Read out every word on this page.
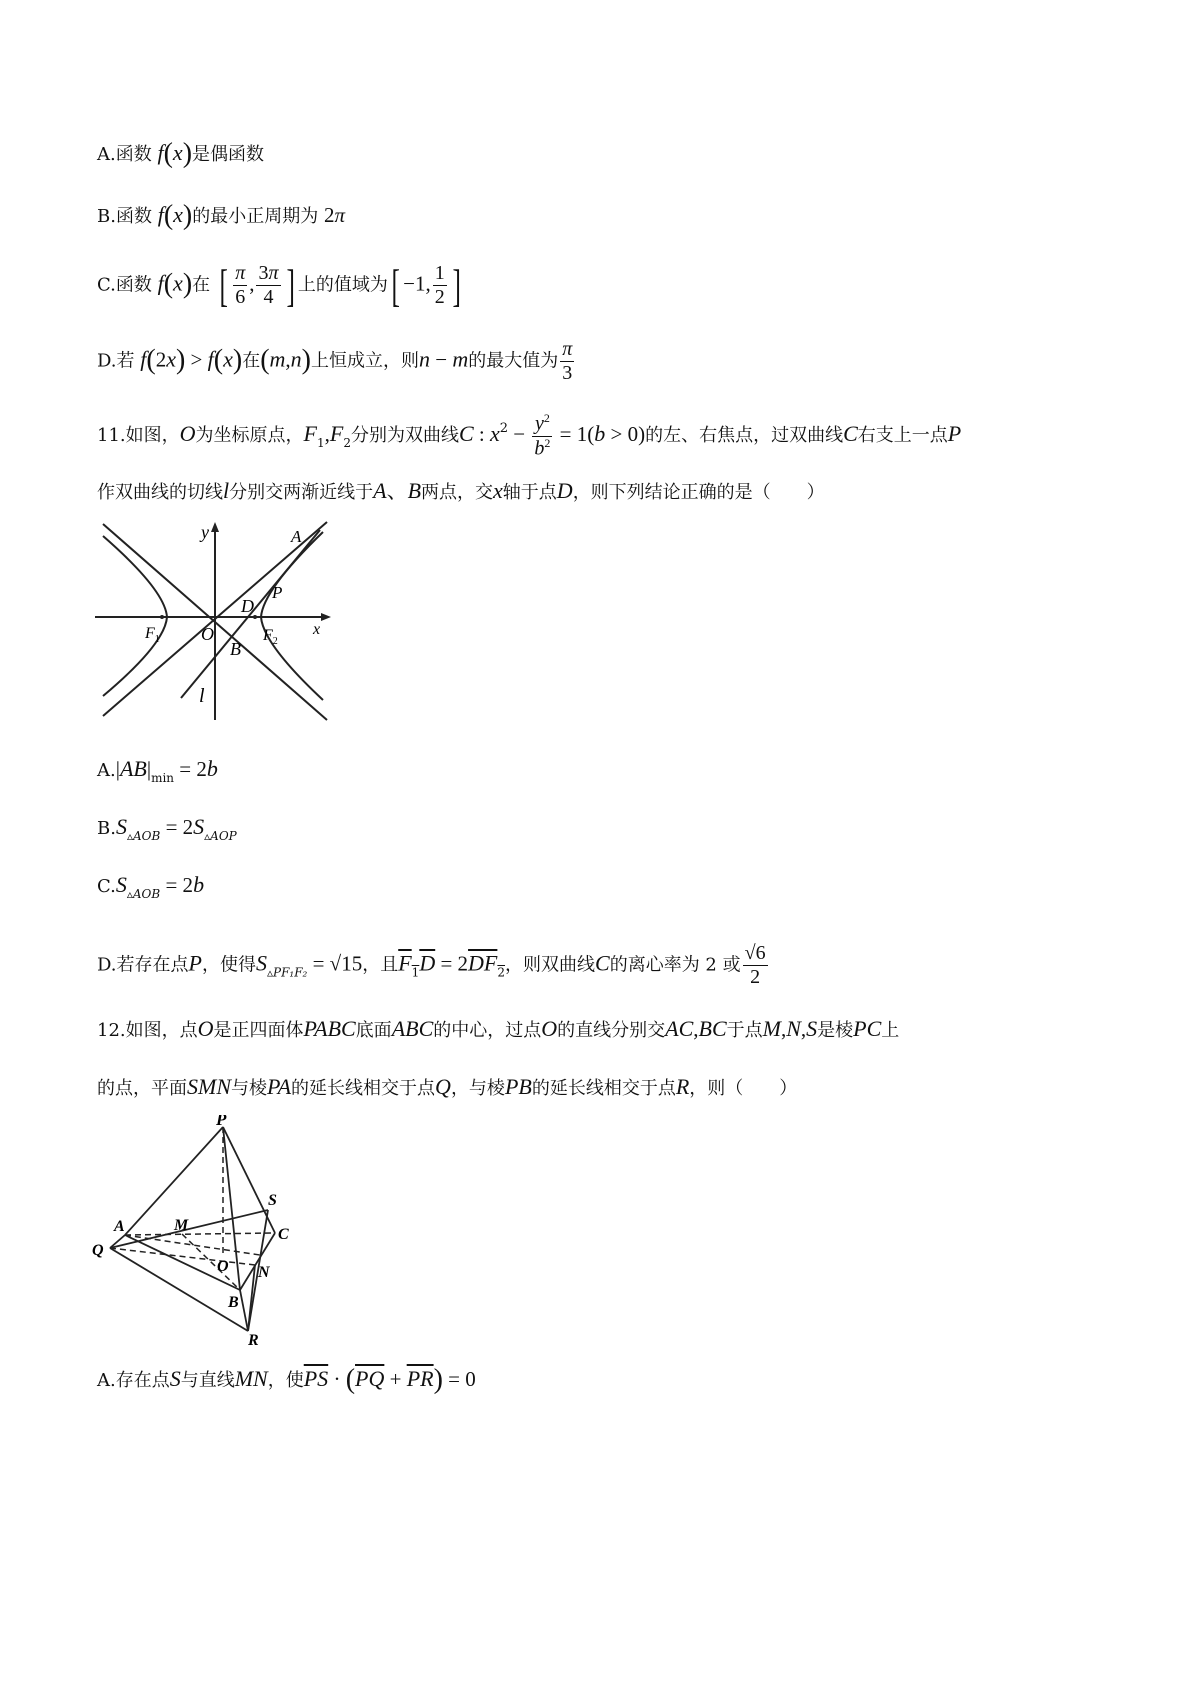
A.函数 f(x)是偶函数
B.函数 f(x)的最小正周期为 2π
C.函数 f(x)在 [ $\frac{\pi}{6}$ , $\frac{3\pi}{4}$ ] 上的值域为[ −1, $\frac{1}{2}$ ]
D.若 f(2x) > f(x)在(m,n)上恒成立，则n − m的最大值为 $\frac{\pi}{3}$
11.如图，O为坐标原点，$F_1,F_2$分别为双曲线C : $x^2 - \frac{y^2}{b^2} = 1(b > 0)$的左、右焦点，过双曲线C右支上一点P
作双曲线的切线l分别交两渐近线于A、B两点，交x轴于点D，则下列结论正确的是（　　）
y
x
A
P
D
O
B
$F_1$	$F_2$
l
$A.|AB|_{min} = 2b$
$B.S_{▵AOB} = 2S_{▵AOP}$
$C.S_{▵AOB} = 2b$
D.若存在点P，使得$S_{▵PF_1F_2} = √15$，且$\overline{F}_1\overline{D} = 2\overline{DF}_2$，则双曲线C的离心率为 2 或 $\frac{√6}{2}$
12.如图，点O是正四面体PABC底面ABC的中心，过点O的直线分别交AC,BC于点M,N,S是棱PC上
的点，平面SMN与棱PA的延长线相交于点Q，与棱PB的延长线相交于点R，则（　　）
P
S
A	M
C
Q
O N
B
R
A.存在点S与直线MN，使$\overline{PS} \cdot (\overline{PQ} + \overline{PR}) = 0$
